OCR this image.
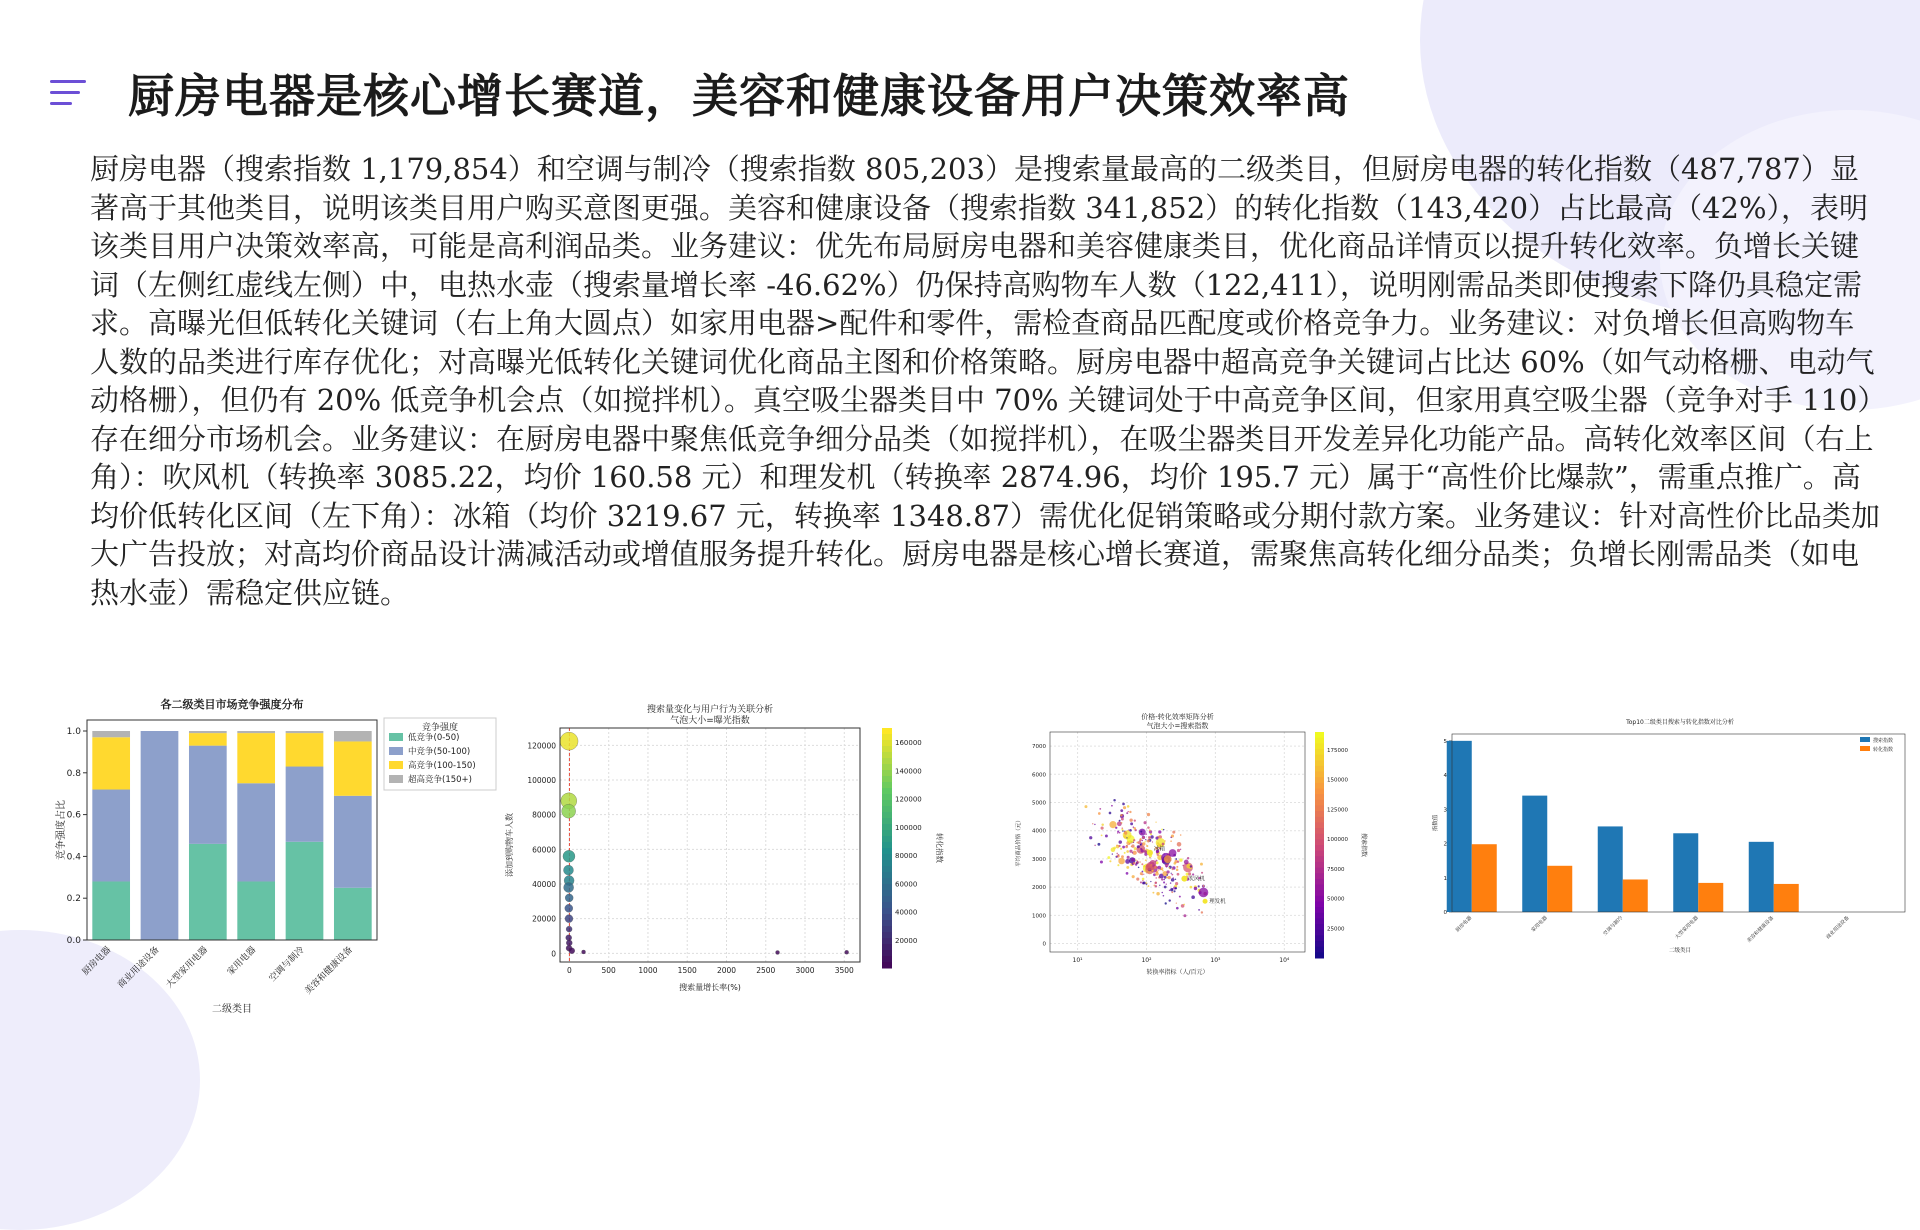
厨房电器是核心增长赛道，美容和健康设备用户决策效率高

厨房电器（搜索指数 1,179,854）和空调与制冷（搜索指数 805,203）是搜索量最高的二级类目，但厨房电器的转化指数（487,787）显著高于其他类目，说明该类目用户购买意图更强。美容和健康设备（搜索指数 341,852）的转化指数（143,420）占比最高（42%），表明该类目用户决策效率高，可能是高利润品类。业务建议：优先布局厨房电器和美容健康类目，优化商品详情页以提升转化效率。负增长关键词（左侧红虚线左侧）中，电热水壶（搜索量增长率 -46.62%）仍保持高购物车人数（122,411），说明刚需品类即使搜索下降仍具稳定需求。高曝光但低转化关键词（右上角大圆点）如家用电器>配件和零件，需检查商品匹配度或价格竞争力。业务建议：对负增长但高购物车人数的品类进行库存优化；对高曝光低转化关键词优化商品主图和价格策略。厨房电器中超高竞争关键词占比达 60%（如气动格栅、电动气动格栅），但仍有 20% 低竞争机会点（如搅拌机）。真空吸尘器类目中 70% 关键词处于中高竞争区间，但家用真空吸尘器（竞争对手 110）存在细分市场机会。业务建议：在厨房电器中聚焦低竞争细分品类（如搅拌机），在吸尘器类目开发差异化功能产品。高转化效率区间（右上角）：吹风机（转换率 3085.22，均价 160.58 元）和理发机（转换率 2874.96，均价 195.7 元）属于“高性价比爆款”，需重点推广。高均价低转化区间（左下角）：冰箱（均价 3219.67 元，转换率 1348.87）需优化促销策略或分期付款方案。业务建议：针对高性价比品类加大广告投放；对高均价商品设计满减活动或增值服务提升转化。厨房电器是核心增长赛道，需聚焦高转化细分品类；负增长刚需品类（如电热水壶）需稳定供应链。

各二级类目市场竞争强度分布
0.0
0.2
0.4
0.6
0.8
1.0
厨房电器 商业用途设备 大型家用电器 家用电器 空调与制冷
美容和健康设备
竞争强度占比
二级类目
竞争强度
低竞争(0-50)
中竞争(50-100)
高竞争(100-150)
超高竞争(150+)
搜索量变化与用户行为关联分析
气泡大小=曝光指数
0
20000
40000
60000
80000
100000
120000
0	500	1000	1500	2000	2500	3000	3500
添加到购物车人数
搜索量增长率(%)
20000
40000
60000
80000
100000
120000
140000
160000
转化指数
价格-转化效率矩阵分析
气泡大小=搜索指数
0
1000
2000
3000
4000
5000
6000
7000
10¹	10²	10³	10⁴
冰箱
吹风机
理发机
平均商品价格（元）
转换率指标（人/百元）
25000
50000
75000
100000
125000
150000
175000
搜索指数
Top10二级类目搜索与转化指数对比分析
0
1
2
3
4
5
厨房电器	家用电器	空调与制冷	大型家用电器	美容和健康设备	商业用途设备
指数值
二级类目
搜索指数
转化指数
